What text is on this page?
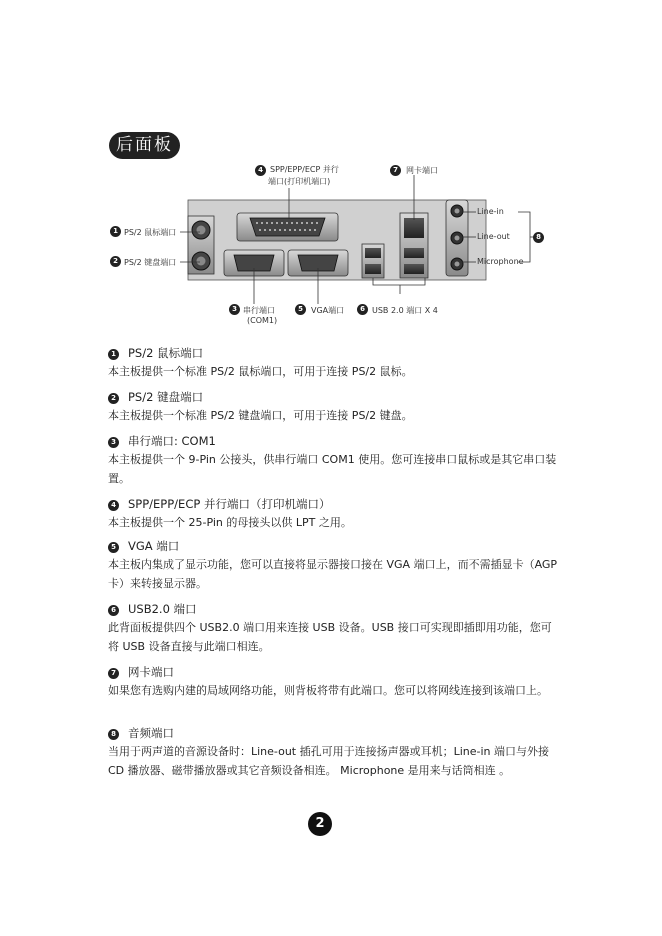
后面板
1
2
3
4
5	6
7
8
PS/2 鼠标端口
PS/2 键盘端口
SPP/EPP/ECP 并行
端口(打印机端口)
网卡端口
Line-in
Line-out
Microphone
串行端口
(COM1)
VGA端口	USB 2.0 端口 X 4
1 PS/2 鼠标端口
本主板提供一个标准 PS/2 鼠标端口，可用于连接 PS/2 鼠标。
2 PS/2 键盘端口
本主板提供一个标准 PS/2 键盘端口，可用于连接 PS/2 键盘。
3 串行端口: COM1
本主板提供一个 9-Pin 公接头，供串行端口 COM1 使用。您可连接串口鼠标或是其它串口装置。
4 SPP/EPP/ECP 并行端口（打印机端口）
本主板提供一个 25-Pin 的母接头以供 LPT 之用。
5 VGA 端口
本主板内集成了显示功能，您可以直接将显示器接口接在 VGA 端口上，而不需插显卡（AGP 卡）来转接显示器。
6 USB2.0 端口
此背面板提供四个 USB2.0 端口用来连接 USB 设备。USB 接口可实现即插即用功能，您可将 USB 设备直接与此端口相连。
7 网卡端口
如果您有选购内建的局域网络功能，则背板将带有此端口。您可以将网线连接到该端口上。
8 音频端口
当用于两声道的音源设备时：Line-out 插孔可用于连接扬声器或耳机；Line-in 端口与外接 CD 播放器、磁带播放器或其它音频设备相连。 Microphone 是用来与话筒相连 。
2
